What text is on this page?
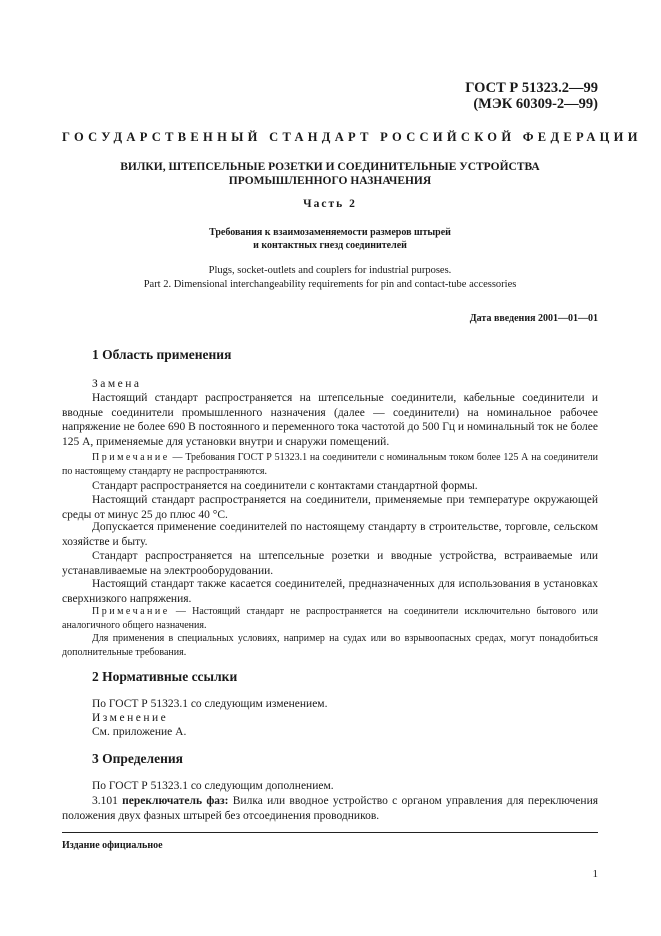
ГОСТ Р 51323.2—99
(МЭК 60309-2—99)
ГОСУДАРСТВЕННЫЙ СТАНДАРТ РОССИЙСКОЙ ФЕДЕРАЦИИ
ВИЛКИ, ШТЕПСЕЛЬНЫЕ РОЗЕТКИ И СОЕДИНИТЕЛЬНЫЕ УСТРОЙСТВА
ПРОМЫШЛЕННОГО НАЗНАЧЕНИЯ
Часть 2
Требования к взаимозаменяемости размеров штырей
и контактных гнезд соединителей
Plugs, socket-outlets and couplers for industrial purposes.
Part 2. Dimensional interchangeability requirements for pin and contact-tube accessories
Дата введения 2001—01—01
1 Область применения
Замена
Настоящий стандарт распространяется на штепсельные соединители, кабельные соединители и вводные соединители промышленного назначения (далее — соединители) на номинальное рабочее напряжение не более 690 В постоянного и переменного тока частотой до 500 Гц и номинальный ток не более 125 А, применяемые для установки внутри и снаружи помещений.
Примечание — Требования ГОСТ Р 51323.1 на соединители с номинальным током более 125 А на соединители по настоящему стандарту не распространяются.
Стандарт распространяется на соединители с контактами стандартной формы.
Настоящий стандарт распространяется на соединители, применяемые при температуре окружающей среды от минус 25 до плюс 40 °С.
Допускается применение соединителей по настоящему стандарту в строительстве, торговле, сельском хозяйстве и быту.
Стандарт распространяется на штепсельные розетки и вводные устройства, встраиваемые или устанавливаемые на электрооборудовании.
Настоящий стандарт также касается соединителей, предназначенных для использования в установках сверхнизкого напряжения.
Примечание — Настоящий стандарт не распространяется на соединители исключительно бытового или аналогичного общего назначения.
Для применения в специальных условиях, например на судах или во взрывоопасных средах, могут понадобиться дополнительные требования.
2 Нормативные ссылки
По ГОСТ Р 51323.1 со следующим изменением.
Изменение
См. приложение А.
3 Определения
По ГОСТ Р 51323.1 со следующим дополнением.
3.101 переключатель фаз: Вилка или вводное устройство с органом управления для переключения положения двух фазных штырей без отсоединения проводников.
Издание официальное
1
